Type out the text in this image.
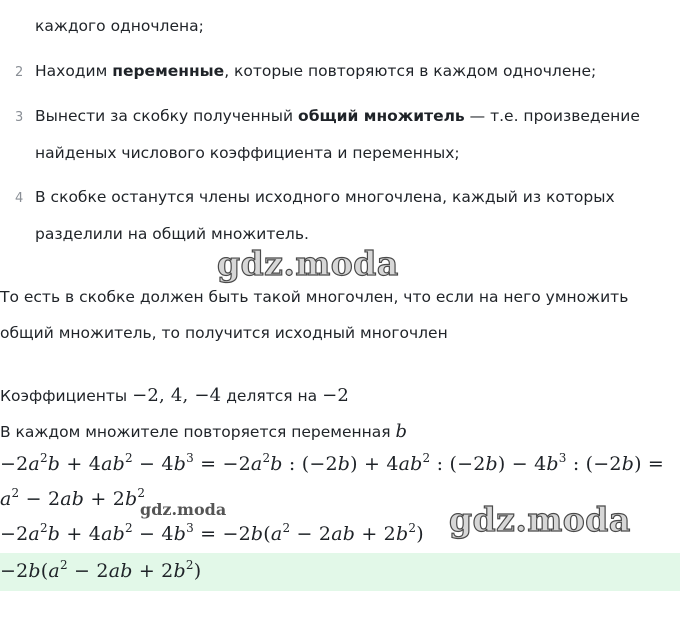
каждого одночлена;
2 Находим переменные, которые повторяются в каждом одночлене;
3 Вынести за скобку полученный общий множитель — т.е. произведение
найденых числового коэффициента и переменных;
4 В скобке останутся члены исходного многочлена, каждый из которых
разделили на общий множитель.
gdz.moda
То есть в скобке должен быть такой многочлен, что если на него умножить
общий множитель, то получится исходный многочлен
Коэффициенты −2, 4, −4 делятся на −2
В каждом множителе повторяется переменная b
$-2a^2b + 4ab^2 - 4b^3 = -2a^2b$ : $(-2b) + 4ab^2$ : $(-2b) - 4b^3$ : (−2b) =
$a^2 - 2ab + 2b^2$
gdz.moda
$-2a^2b + 4ab^2 - 4b^3 = -2b(a^2 - 2ab + 2b^2)$ gdz.moda
$-2b(a^2 - 2ab + 2b^2)$
